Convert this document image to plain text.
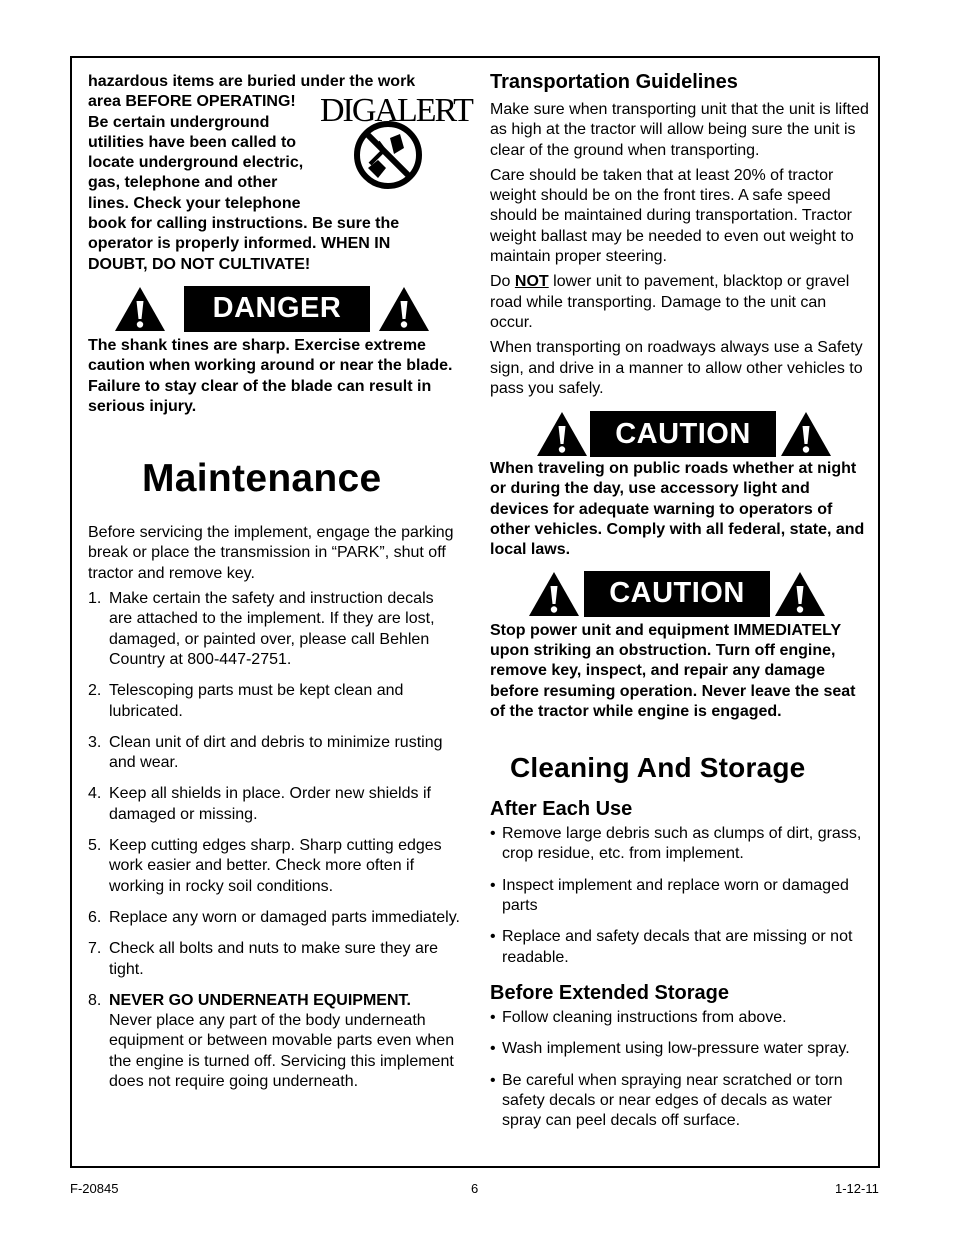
hazardous items are buried under the work
area BEFORE OPERATING!
Be certain underground
utilities have been called to
locate underground electric,
gas, telephone and other
lines. Check your telephone
book for calling instructions. Be sure the
operator is properly informed. WHEN IN
DOUBT, DO NOT CULTIVATE!
DIGALERT
DANGER

The shank tines are sharp. Exercise extreme caution when working around or near the blade. Failure to stay clear of the blade can result in serious injury.

Maintenance

Before servicing the implement, engage the parking break or place the transmission in “PARK”, shut off tractor and remove key.

1. Make certain the safety and instruction decals are attached to the implement. If they are lost, damaged, or painted over, please call Behlen Country at 800-447-2751.
2. Telescoping parts must be kept clean and lubricated.
3. Clean unit of dirt and debris to minimize rusting and wear.
4. Keep all shields in place. Order new shields if damaged or missing.
5. Keep cutting edges sharp. Sharp cutting edges work easier and better. Check more often if working in rocky soil conditions.
6. Replace any worn or damaged parts immediately.
7. Check all bolts and nuts to make sure they are tight.
8. NEVER GO UNDERNEATH EQUIPMENT.
Never place any part of the body underneath equipment or between movable parts even when the engine is turned off. Servicing this implement does not require going underneath.
Transportation Guidelines

Make sure when transporting unit that the unit is lifted as high at the tractor will allow being sure the unit is clear of the ground when transporting.

Care should be taken that at least 20% of tractor weight should be on the front tires. A safe speed should be maintained during transportation. Tractor weight ballast may be needed to even out weight to maintain proper steering.

Do NOT lower unit to pavement, blacktop or gravel road while transporting. Damage to the unit can occur.

When transporting on roadways always use a Safety sign, and drive in a manner to allow other vehicles to pass you safely.

CAUTION

When traveling on public roads whether at night or during the day, use accessory light and devices for adequate warning to operators of other vehicles. Comply with all federal, state, and local laws.

CAUTION

Stop power unit and equipment IMMEDIATELY upon striking an obstruction. Turn off engine, remove key, inspect, and repair any damage before resuming operation. Never leave the seat of the tractor while engine is engaged.

Cleaning And Storage
After Each Use
• Remove large debris such as clumps of dirt, grass, crop residue, etc. from implement.
• Inspect implement and replace worn or damaged parts
• Replace and safety decals that are missing or not readable.
Before Extended Storage
• Follow cleaning instructions from above.
• Wash implement using low-pressure water spray.
• Be careful when spraying near scratched or torn safety decals or near edges of decals as water spray can peel decals off surface.
F-20845	6	1-12-11
